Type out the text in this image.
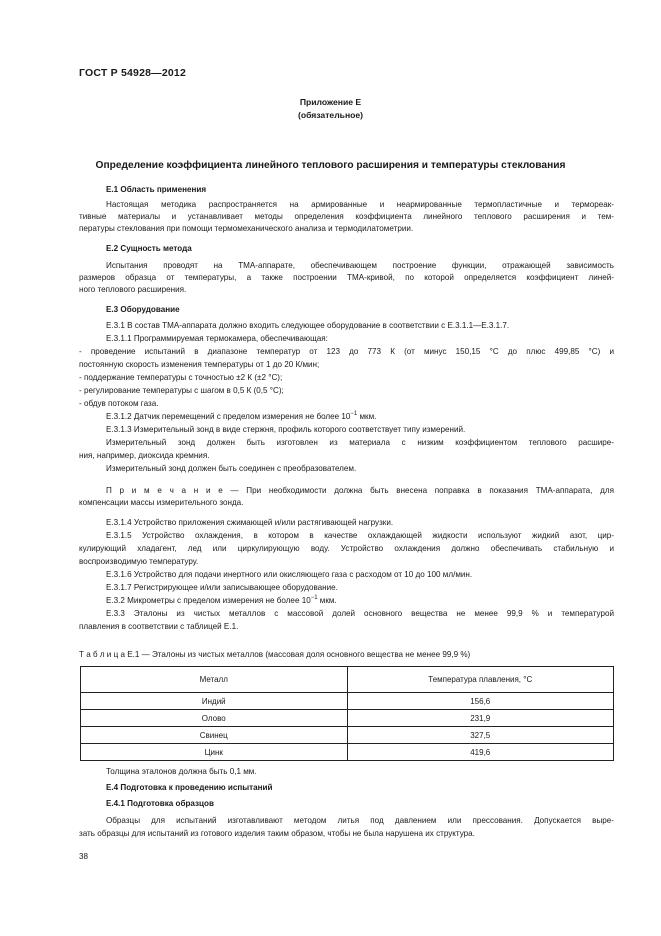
ГОСТ Р 54928—2012
Приложение Е
(обязательное)
Определение коэффициента линейного теплового расширения и температуры стеклования
Е.1 Область применения
Настоящая методика распространяется на армированные и неармированные термопластичные и термореак-
тивные материалы и устанавливает методы определения коэффициента линейного теплового расширения и тем-
пературы стеклования при помощи термомеханического анализа и термодилатометрии.
Е.2 Сущность метода
Испытания проводят на ТМА-аппарате, обеспечивающем построение функции, отражающей зависимость
размеров образца от температуры, а также построении ТМА-кривой, по которой определяется коэффициент линей-
ного теплового расширения.
Е.3 Оборудование
Е.3.1 В состав ТМА-аппарата должно входить следующее оборудование в соответствии с Е.3.1.1—Е.3.1.7.
Е.3.1.1 Программируемая термокамера, обеспечивающая:
- проведение испытаний в диапазоне температур от 123 до 773 К (от минус 150,15 °С до плюс 499,85 °С) и
постоянную скорость изменения температуры от 1 до 20 К/мин;
- поддержание температуры с точностью ±2 К (±2 °С);
- регулирование температуры с шагом в 0,5 К (0,5 °С);
- обдув потоком газа.
Е.3.1.2 Датчик перемещений с пределом измерения не более $10^{-1}$ мкм.
Е.3.1.3 Измерительный зонд в виде стержня, профиль которого соответствует типу измерений.
Измерительный зонд должен быть изготовлен из материала с низким коэффициентом теплового расшире-
ния, например, диоксида кремния.
Измерительный зонд должен быть соединен с преобразователем.
П р и м е ч а н и е — При необходимости должна быть внесена поправка в показания ТМА-аппарата, для
компенсации массы измерительного зонда.
Е.3.1.4 Устройство приложения сжимающей и/или растягивающей нагрузки.
Е.3.1.5 Устройство охлаждения, в котором в качестве охлаждающей жидкости используют жидкий азот, цир-
кулирующий хладагент, лед или циркулирующую воду. Устройство охлаждения должно обеспечивать стабильную и
воспроизводимую температуру.
Е.3.1.6 Устройство для подачи инертного или окисляющего газа с расходом от 10 до 100 мл/мин.
Е.3.1.7 Регистрирующее и/или записывающее оборудование.
Е.3.2 Микрометры с пределом измерения не более $10^{-1}$ мкм.
Е.3.3 Эталоны из чистых металлов с массовой долей основного вещества не менее 99,9 % и температурой
плавления в соответствии с таблицей Е.1.
Т а б л и ц а Е.1 — Эталоны из чистых металлов (массовая доля основного вещества не менее 99,9 %)
Металл	Температура плавления, °С
Индий	156,6
Олово	231,9
Свинец	327,5
Цинк	419,6
Толщина эталонов должна быть 0,1 мм.
Е.4 Подготовка к проведению испытаний
Е.4.1 Подготовка образцов
Образцы для испытаний изготавливают методом литья под давлением или прессования. Допускается выре-
зать образцы для испытаний из готового изделия таким образом, чтобы не была нарушена их структура.
38
